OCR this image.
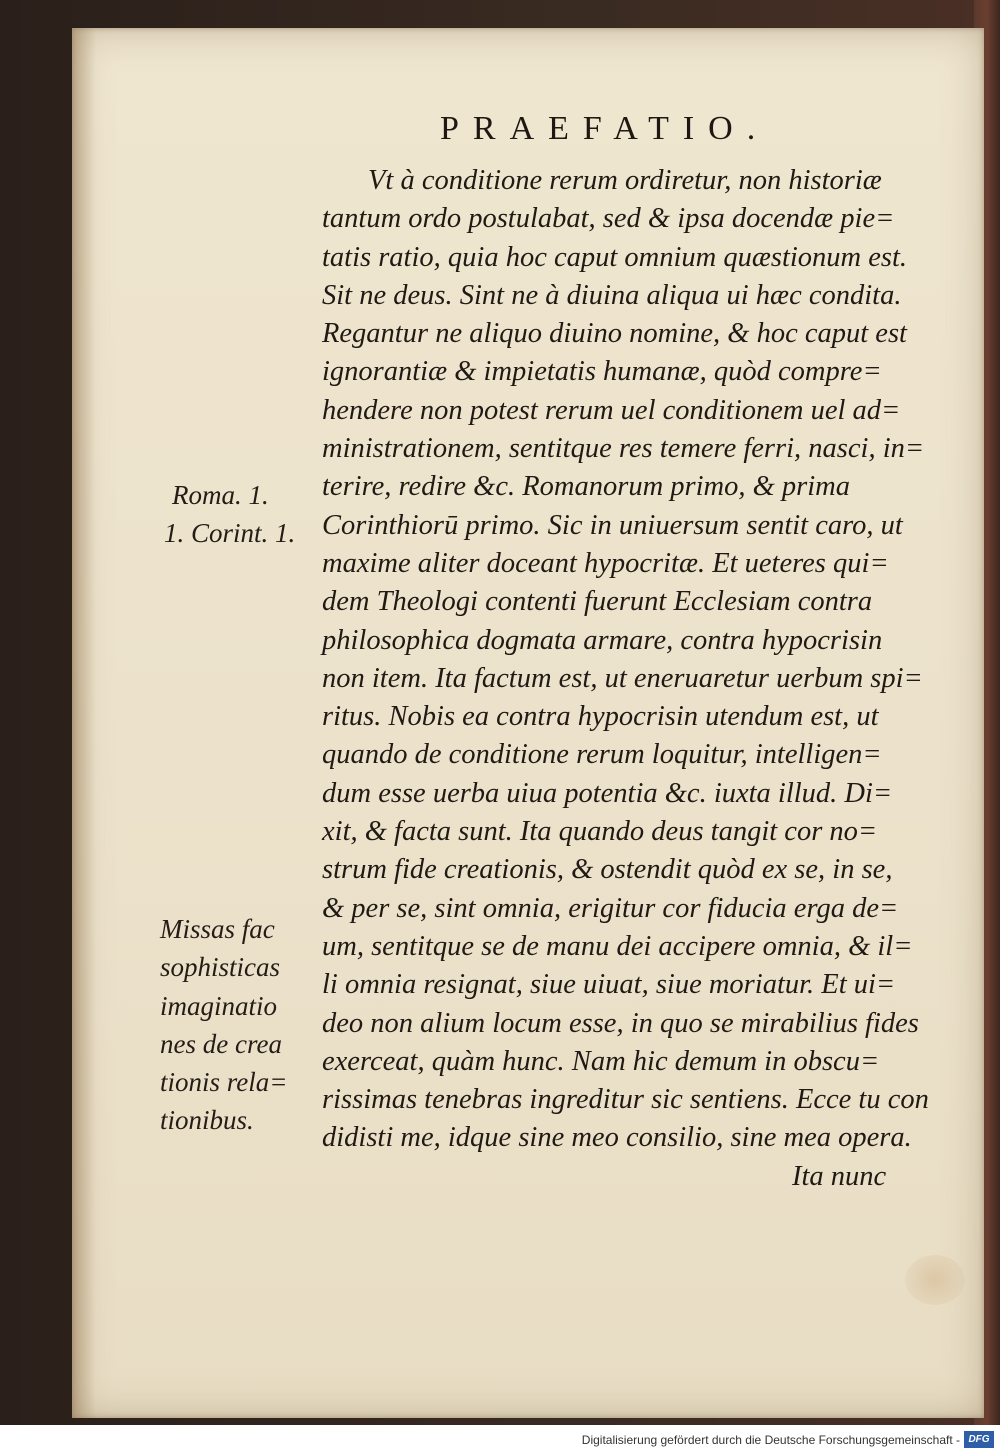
PRAEFATIO.
Vt à conditione rerum ordiretur, non historiæ
tantum ordo postulabat, sed & ipsa docendæ pie=
tatis ratio, quia hoc caput omnium quæstionum est.
Sit ne deus. Sint ne à diuina aliqua ui hæc condita.
Regantur ne aliquo diuino nomine, & hoc caput est
ignorantiæ & impietatis humanæ, quòd compre=
hendere non potest rerum uel conditionem uel ad=
ministrationem, sentitque res temere ferri, nasci, in=
terire, redire &c. Romanorum primo, & prima
Corinthiorū primo. Sic in uniuersum sentit caro, ut
maxime aliter doceant hypocritæ. Et ueteres qui=
dem Theologi contenti fuerunt Ecclesiam contra
philosophica dogmata armare, contra hypocrisin
non item. Ita factum est, ut eneruaretur uerbum spi=
ritus. Nobis ea contra hypocrisin utendum est, ut
quando de conditione rerum loquitur, intelligen=
dum esse uerba uiua potentia &c. iuxta illud. Di=
xit, & facta sunt. Ita quando deus tangit cor no=
strum fide creationis, & ostendit quòd ex se, in se,
& per se, sint omnia, erigitur cor fiducia erga de=
um, sentitque se de manu dei accipere omnia, & il=
li omnia resignat, siue uiuat, siue moriatur. Et ui=
deo non alium locum esse, in quo se mirabilius fides
exerceat, quàm hunc. Nam hic demum in obscu=
rissimas tenebras ingreditur sic sentiens. Ecce tu con
didisti me, idque sine meo consilio, sine mea opera.
Ita nunc
Roma. 1.
1. Corint. 1.
Missas fac
sophisticas
imaginatio
nes de crea
tionis rela=
tionibus.
Digitalisierung gefördert durch die Deutsche Forschungsgemeinschaft - DFG
